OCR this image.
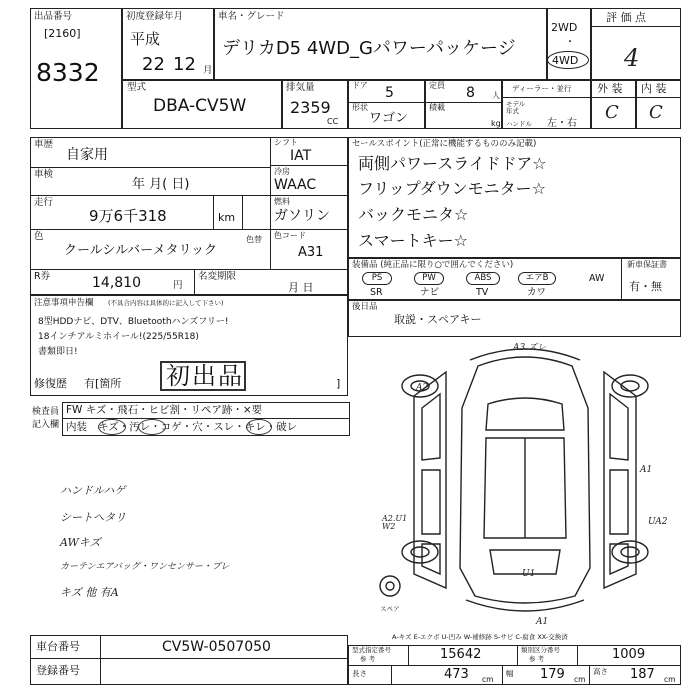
出品番号
[2160]
8332
初度登録年月
平成
22 12 月
車名・グレード
デリカD5 4WD_Gパワーパッケージ
2WD
・
4WD
評 価 点
4
型式
DBA-CV5W
排気量
2359
CC
ドア 5
形状
ワゴン
定員 8 人
積載
kg
ディーラー・並行
モデル年式
ハンドル 左・右
外 装
C
内 装
C
車歴
自家用
車検
年 月( 日)
走行
9万6千318	km
色
クールシルバーメタリック
シフト
IAT
冷房
WAAC
燃料
ガソリン
色コード
色替
A31
R券	14,810	円
名変期限
月 日
セールスポイント(正常に機能するもののみ記載)
両側パワースライドドア☆
フリップダウンモニター☆
バックモニタ☆
スマートキー☆
装備品 (純正品に限り○で囲んでください)
PS	PW	ABS	エアB	AW
SR	ナビ	TV	カワ
新車保証書
有・無
注意事項申告欄 (不具合内容は具体的に記入して下さい)
8型HDDナビ、DTV、Bluetoothハンズフリー!
18インチアルミホイール!(225/55R18)
書類即日!
修復歴 有[箇所 初出品	]
後日品
取説・スペアキー
検査員
記入欄
FW キズ・飛石・ヒビ割・リペア跡・×要
内装 キズ・汚レ・コゲ・穴・スレ・キレ・破レ
ハンドルハゲ
シートヘタリ
AWキズ
カーテンエアバッグ・ワンセンサー・ブレ
キズ 他 有A
A3.ズレ
A2
A1
A2.U1 W2	UA2
U1
A1
スペア
A-キズ E-エクボ U-凹み W-補修跡 S-サビ C-腐食 XX-交換済
車台番号	CV5W-0507050
登録番号
型式指定番号
参 考	15642	類別区分番号
参 考	1009
長さ	473 cm
幅 179 cm
高さ 187 cm
